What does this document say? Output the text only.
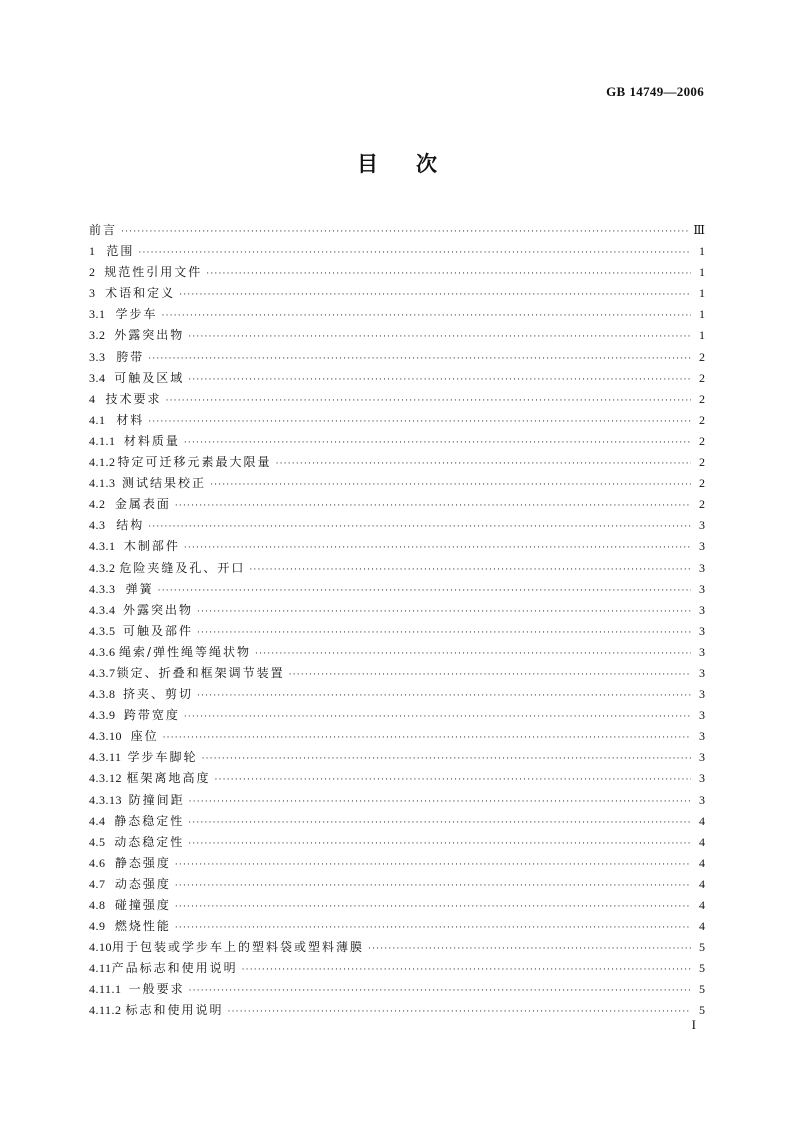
GB 14749—2006
目次
前言 ·····	Ⅲ
1 范围 ·····	1
2 规范性引用文件 ·····	1
3 术语和定义 ·····	1
3.1 学步车 ·····	1
3.2 外露突出物 ·····	1
3.3 胯带 ·····	2
3.4 可触及区域 ·····	2
4 技术要求 ·····	2
4.1 材料 ·····	2
4.1.1 材料质量 ·····	2
4.1.2 特定可迁移元素最大限量 ·····	2
4.1.3 测试结果校正 ·····	2
4.2 金属表面 ·····	2
4.3 结构 ·····	3
4.3.1 木制部件 ·····	3
4.3.2 危险夹缝及孔、开口 ·····	3
4.3.3 弹簧 ·····	3
4.3.4 外露突出物 ·····	3
4.3.5 可触及部件 ·····	3
4.3.6 绳索/弹性绳等绳状物 ·····	3
4.3.7 锁定、折叠和框架调节装置 ·····	3
4.3.8 挤夹、剪切 ·····	3
4.3.9 跨带宽度 ·····	3
4.3.10 座位 ·····	3
4.3.11 学步车脚轮 ·····	3
4.3.12 框架离地高度 ·····	3
4.3.13 防撞间距 ·····	3
4.4 静态稳定性 ·····	4
4.5 动态稳定性 ·····	4
4.6 静态强度 ·····	4
4.7 动态强度 ·····	4
4.8 碰撞强度 ·····	4
4.9 燃烧性能 ·····	4
4.10 用于包装或学步车上的塑料袋或塑料薄膜 ·····	5
4.11 产品标志和使用说明 ·····	5
4.11.1 一般要求 ·····	5
4.11.2 标志和使用说明 ·····	5
I
